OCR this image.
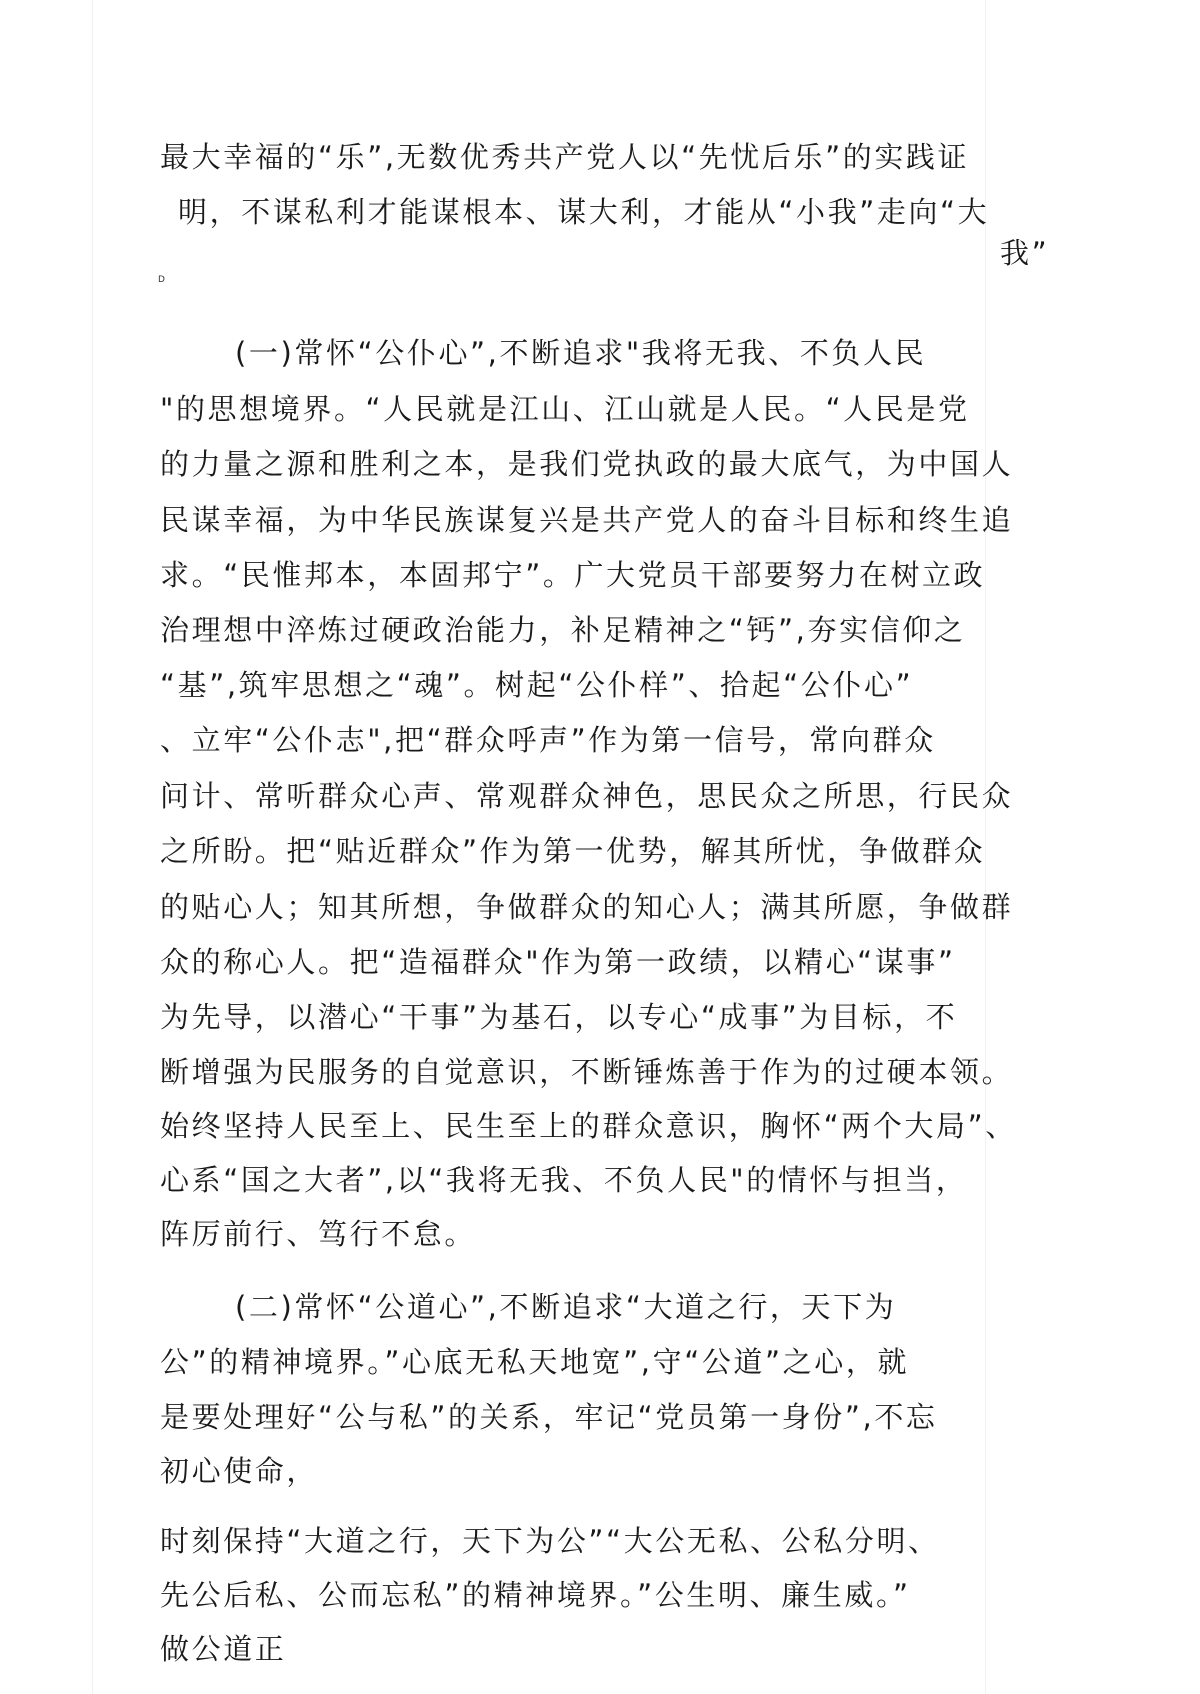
最大幸福的“乐”,无数优秀共产党人以“先忧后乐”的实践证
明，不谋私利才能谋根本、谋大利，才能从“小我”走向“大
我”
D
(一)常怀“公仆心”,不断追求"我将无我、不负人民
"的思想境界。“人民就是江山、江山就是人民。“人民是党
的力量之源和胜利之本，是我们党执政的最大底气，为中国人
民谋幸福，为中华民族谋复兴是共产党人的奋斗目标和终生追
求。“民惟邦本，本固邦宁”。广大党员干部要努力在树立政
治理想中淬炼过硬政治能力，补足精神之“钙”,夯实信仰之
“基”,筑牢思想之“魂”。树起“公仆样”、拾起“公仆心”
、立牢“公仆志",把“群众呼声”作为第一信号，常向群众
问计、常听群众心声、常观群众神色，思民众之所思，行民众
之所盼。把“贴近群众”作为第一优势，解其所忧，争做群众
的贴心人；知其所想，争做群众的知心人；满其所愿，争做群
众的称心人。把“造福群众"作为第一政绩，以精心“谋事”
为先导，以潜心“干事”为基石，以专心“成事”为目标，不
断增强为民服务的自觉意识，不断锤炼善于作为的过硬本领。
始终坚持人民至上、民生至上的群众意识，胸怀“两个大局”、
心系“国之大者”,以“我将无我、不负人民"的情怀与担当，
阵厉前行、笃行不怠。
(二)常怀“公道心”,不断追求“大道之行，天下为
公”的精神境界。”心底无私天地宽”,守“公道”之心，就
是要处理好“公与私”的关系，牢记“党员第一身份”,不忘
初心使命，
时刻保持“大道之行，天下为公”“大公无私、公私分明、
先公后私、公而忘私”的精神境界。”公生明、廉生威。”
做公道正
